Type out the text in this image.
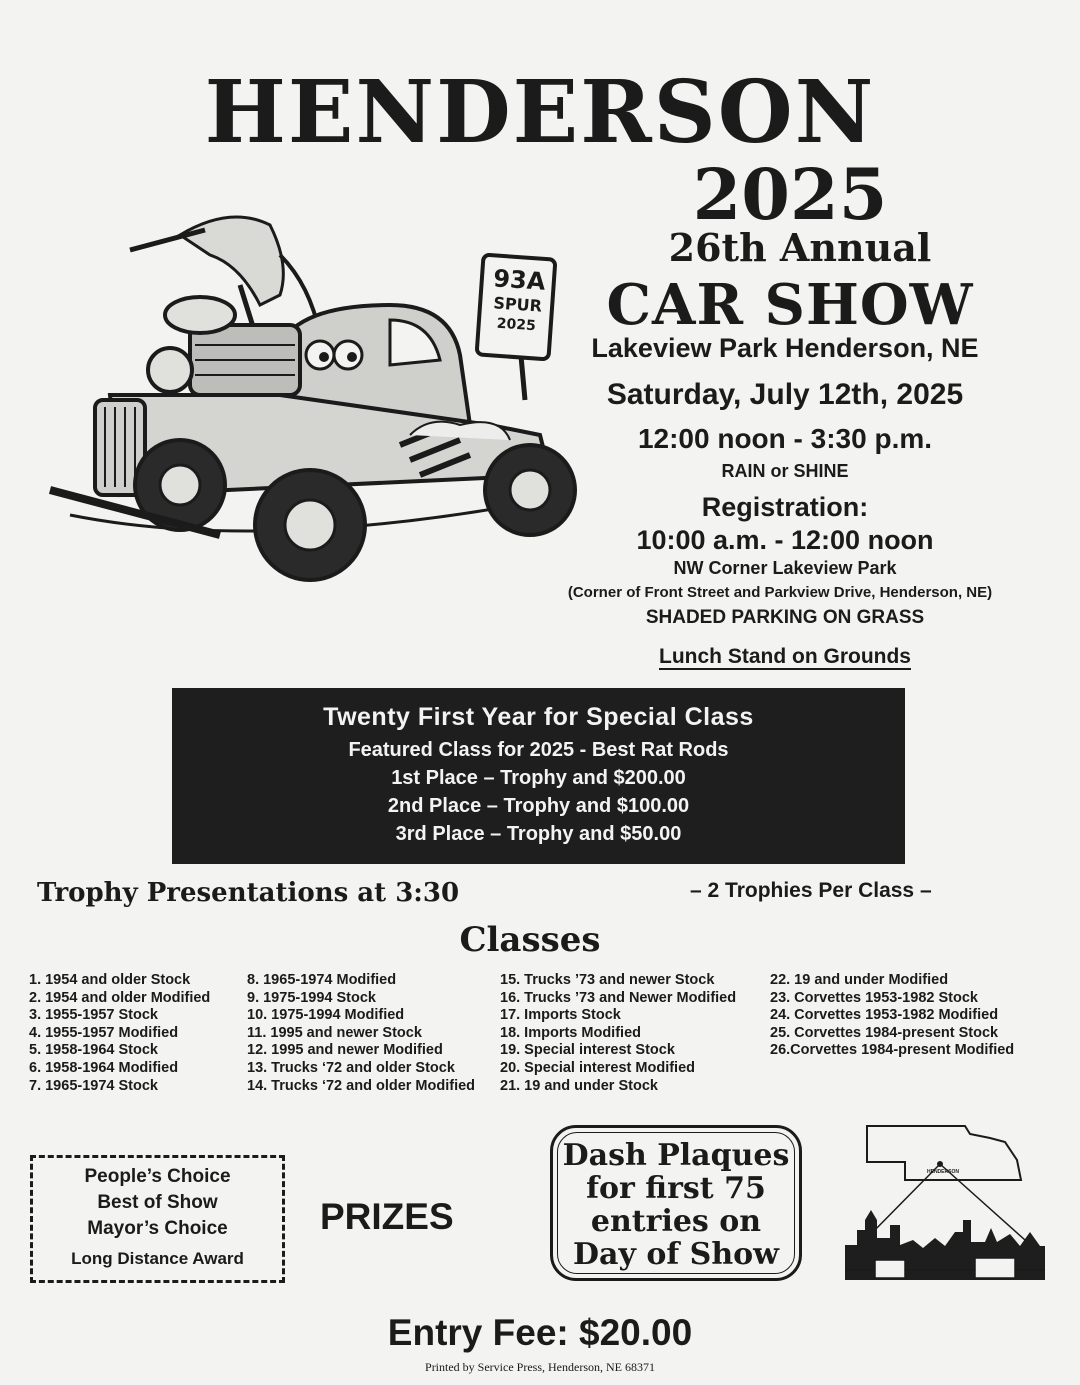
HENDERSON
2025
26th Annual
CAR SHOW
93A
SPUR
2025
Lakeview Park Henderson, NE
Saturday, July 12th, 2025
12:00 noon - 3:30 p.m.
RAIN or SHINE
Registration:
10:00 a.m. - 12:00 noon
NW Corner Lakeview Park
(Corner of Front Street and Parkview Drive, Henderson, NE)
SHADED PARKING ON GRASS
Lunch Stand on Grounds
Twenty First Year for Special Class
Featured Class for 2025 - Best Rat Rods
1st Place – Trophy and $200.00
2nd Place – Trophy and $100.00
3rd Place – Trophy and $50.00
Trophy Presentations at 3:30	– 2 Trophies Per Class –
Classes
1. 1954 and older Stock
2. 1954 and older Modified
3. 1955-1957 Stock
4. 1955-1957 Modified
5. 1958-1964 Stock
6. 1958-1964 Modified
7. 1965-1974 Stock
8. 1965-1974 Modified
9. 1975-1994 Stock
10. 1975-1994 Modified
11. 1995 and newer Stock
12. 1995 and newer Modified
13. Trucks ‘72 and older Stock
14. Trucks ‘72 and older Modified
15. Trucks ’73 and newer Stock
16. Trucks ’73 and Newer Modified
17. Imports Stock
18. Imports Modified
19. Special interest Stock
20. Special interest Modified
21. 19 and under Stock
22. 19 and under Modified
23. Corvettes 1953-1982 Stock
24. Corvettes 1953-1982 Modified
25. Corvettes 1984-present Stock
26.Corvettes 1984-present Modified
People’s Choice
Best of Show
Mayor’s Choice
Long Distance Award
PRIZES
Dash Plaques
for first 75
entries on
Day of Show
HENDERSON
Entry Fee: $20.00
Printed by Service Press, Henderson, NE 68371
